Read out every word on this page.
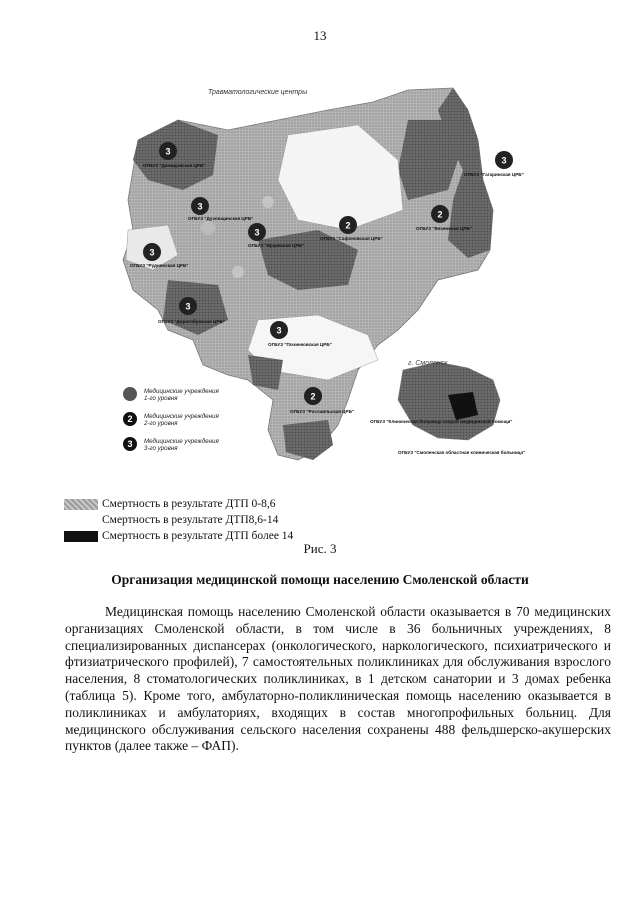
13
Травматологические центры
3
ОГБУЗ "Демидовская ЦРБ"	3
ОГБУЗ "Гагаринская ЦРБ"
3
ОГБУЗ "Духовщинская ЦРБ"
2
ОГБУЗ "Сафоновская ЦРБ"
2
ОГБУЗ "Вяземская ЦРБ"
3
ОГБУЗ "Руднянская ЦРБ"
3
ОГБУЗ "Ярцевская ЦРБ"
3
ОГБУЗ "Дорогобужская ЦРБ"
3
ОГБУЗ "Починковская ЦРБ"
2
ОГБУЗ "Рославльская ЦРБ"
г. Смоленск
ОГБУЗ "Клиническая больница скорой медицинской помощи"
ОГБУЗ "Смоленская областная клиническая больница"
Медицинские учреждения
1-го уровня
2 Медицинские учреждения
2-го уровня
3 Медицинские учреждения
3-го уровня
Смертность в результате ДТП 0-8,6
Смертность в результате ДТП8,6-14
Смертность в результате ДТП более 14
Рис. 3
Организация медицинской помощи населению Смоленской области

Медицинская помощь населению Смоленской области оказывается в 70 медицинских организациях Смоленской области, в том числе в 36 больничных учреждениях, 8 специализированных диспансерах (онкологического, наркологического, психиатрического и фтизиатрического профилей), 7 самостоятельных поликлиниках для обслуживания взрослого населения, 8 стоматологических поликлиниках, в 1 детском санатории и 3 домах ребенка (таблица 5). Кроме того, амбулаторно-поликлиническая помощь населению оказывается в поликлиниках и амбулаториях, входящих в состав многопрофильных больниц. Для медицинского обслуживания сельского населения сохранены 488 фельдшерско-акушерских пунктов (далее также – ФАП).
